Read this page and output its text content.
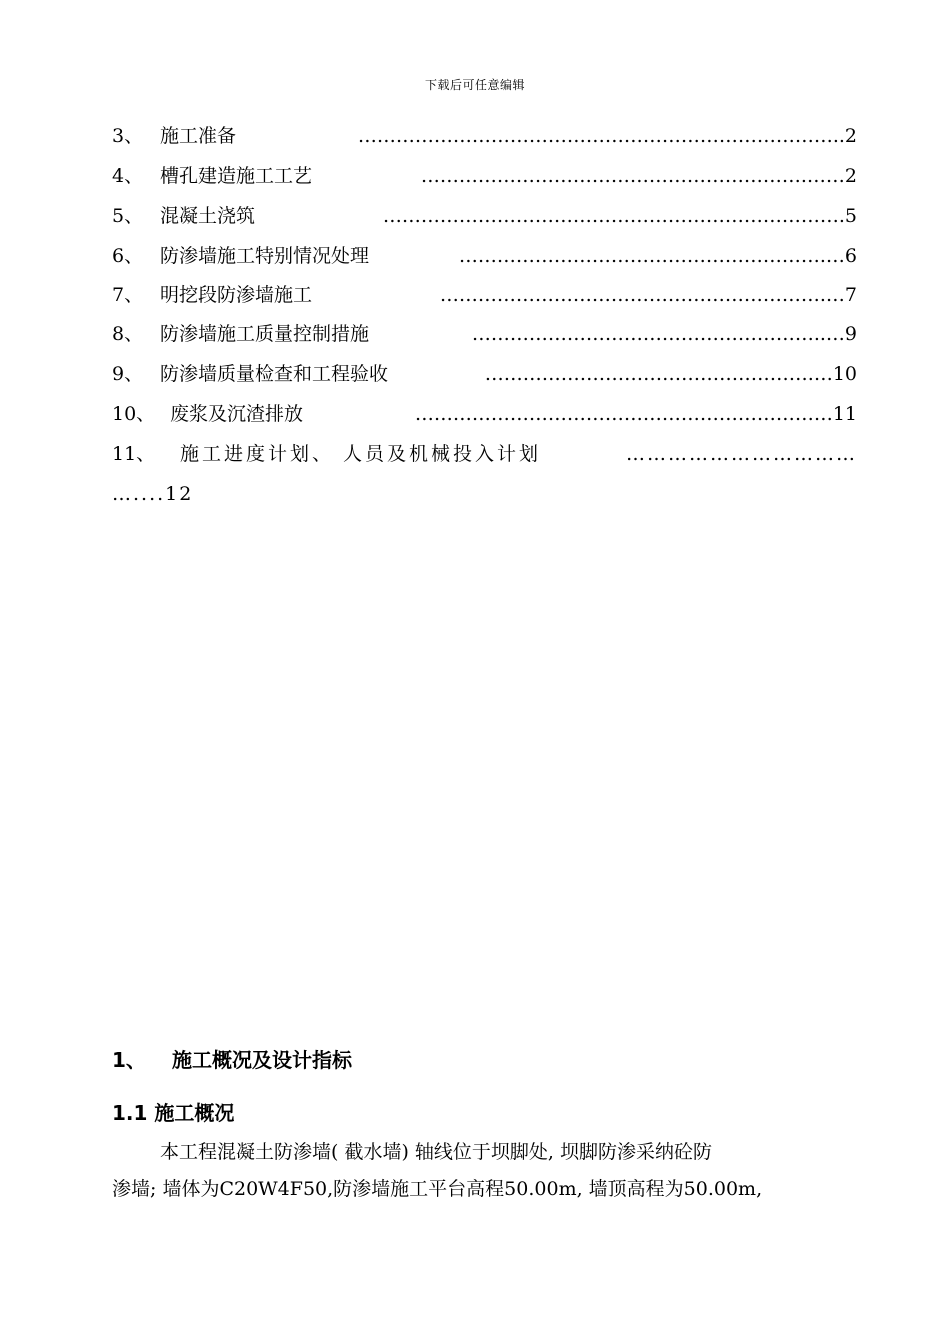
下载后可任意编辑
3、 施工准备	…………………………………………………………………..2
4、 槽孔建造施工工艺	…………………………………………………….……2
5、 混凝土浇筑	……………………………………………………………….5
6、 防渗墙施工特别情况处理	………………………………………………….…6
7、 明挖段防渗墙施工	…………………………………………………….…7
8、 防渗墙施工质量控制措施	………………………………………………..…9
9、 防渗墙质量检查和工程验收	…………………………………………….…10
10、 废浆及沉渣排放	…………………………………………………………11
11、 施工进度计划、 人员及机械投入计划	……………………………
…....12
1、 施工概况及设计指标
1.1 施工概况
本工程混凝土防渗墙( 截水墙) 轴线位于坝脚处, 坝脚防渗采纳砼防
渗墙; 墙体为C20W4F50,防渗墙施工平台高程50.00m, 墙顶高程为50.00m,
